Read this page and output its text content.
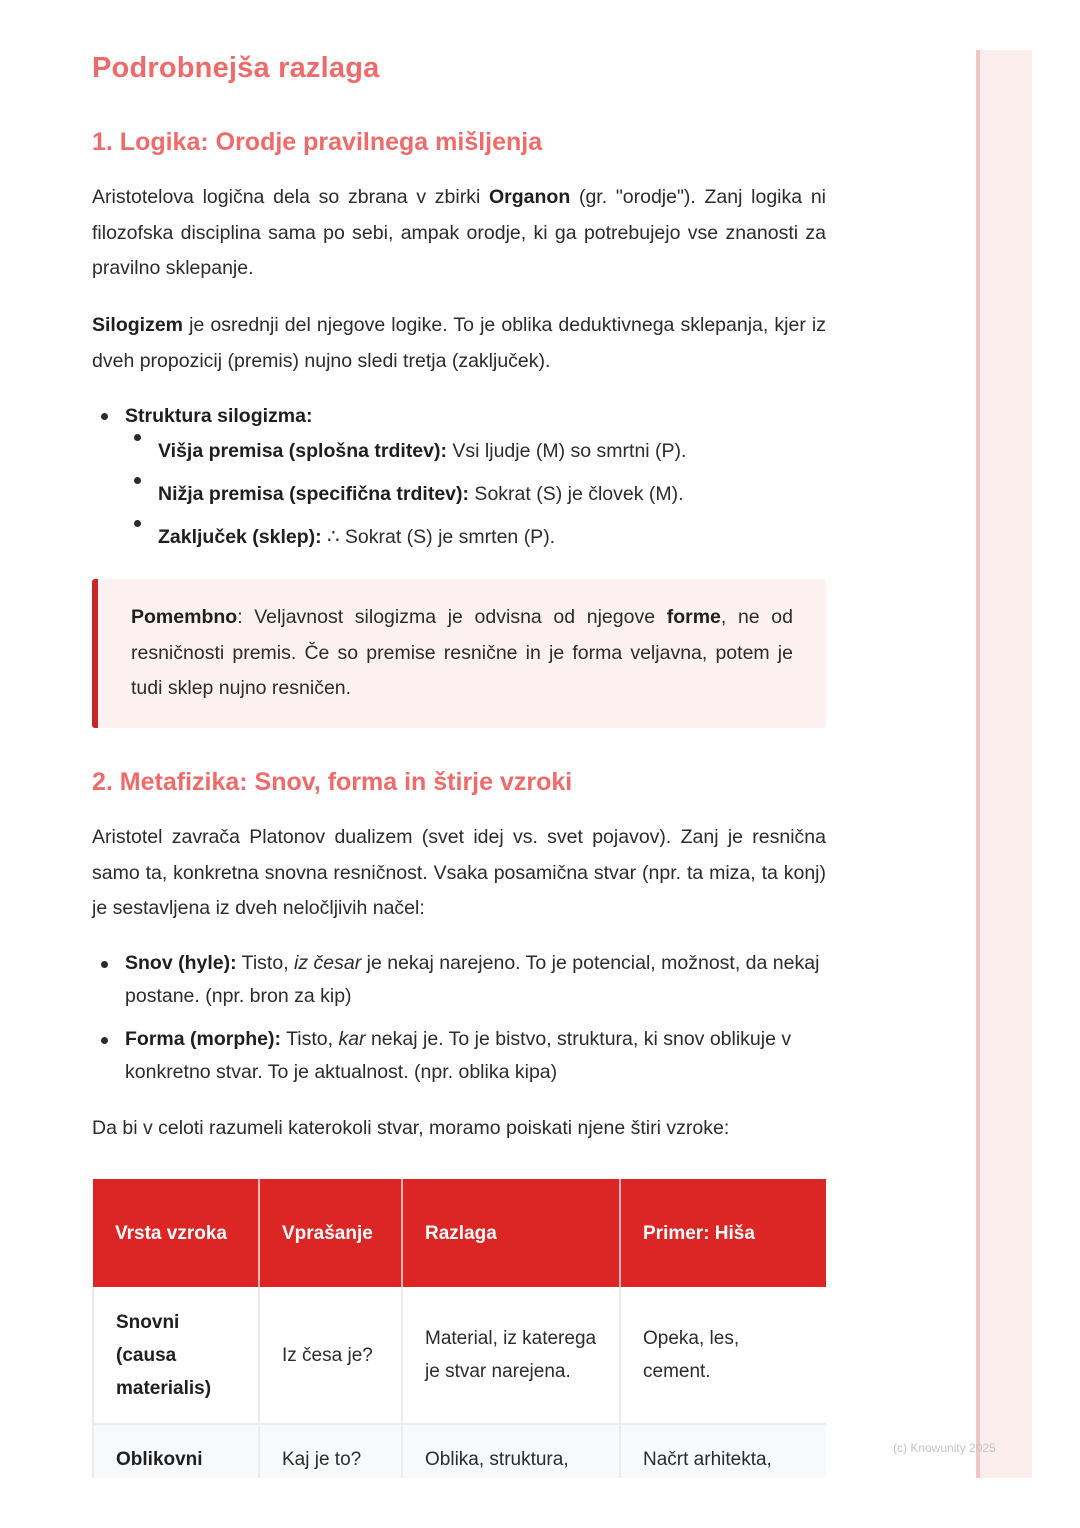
(c) Knowunity 2025
Podrobnejša razlaga
1. Logika: Orodje pravilnega mišljenja

Aristotelova logična dela so zbrana v zbirki Organon (gr. "orodje"). Zanj logika ni filozofska disciplina sama po sebi, ampak orodje, ki ga potrebujejo vse znanosti za pravilno sklepanje.

Silogizem je osrednji del njegove logike. To je oblika deduktivnega sklepanja, kjer iz dveh propozicij (premis) nujno sledi tretja (zaključek).

Struktura silogizma:
Višja premisa (splošna trditev): Vsi ljudje (M) so smrtni (P).
Nižja premisa (specifična trditev): Sokrat (S) je človek (M).
Zaključek (sklep): ∴ Sokrat (S) je smrten (P).

Pomembno: Veljavnost silogizma je odvisna od njegove forme, ne od resničnosti premis. Če so premise resnične in je forma veljavna, potem je tudi sklep nujno resničen.

2. Metafizika: Snov, forma in štirje vzroki

Aristotel zavrača Platonov dualizem (svet idej vs. svet pojavov). Zanj je resnična samo ta, konkretna snovna resničnost. Vsaka posamična stvar (npr. ta miza, ta konj) je sestavljena iz dveh neločljivih načel:

Snov (hyle): Tisto, iz česar je nekaj narejeno. To je potencial, možnost, da nekaj postane. (npr. bron za kip)
Forma (morphe): Tisto, kar nekaj je. To je bistvo, struktura, ki snov oblikuje v konkretno stvar. To je aktualnost. (npr. oblika kipa)

Da bi v celoti razumeli katerokoli stvar, moramo poiskati njene štiri vzroke:

Vrsta vzroka	Vprašanje	Razlaga	Primer: Hiša
Snovni (causa materialis)	Iz česa je?	Material, iz katerega je stvar narejena.	Opeka, les, cement.
Oblikovni	Kaj je to?	Oblika, struktura,	Načrt arhitekta,
